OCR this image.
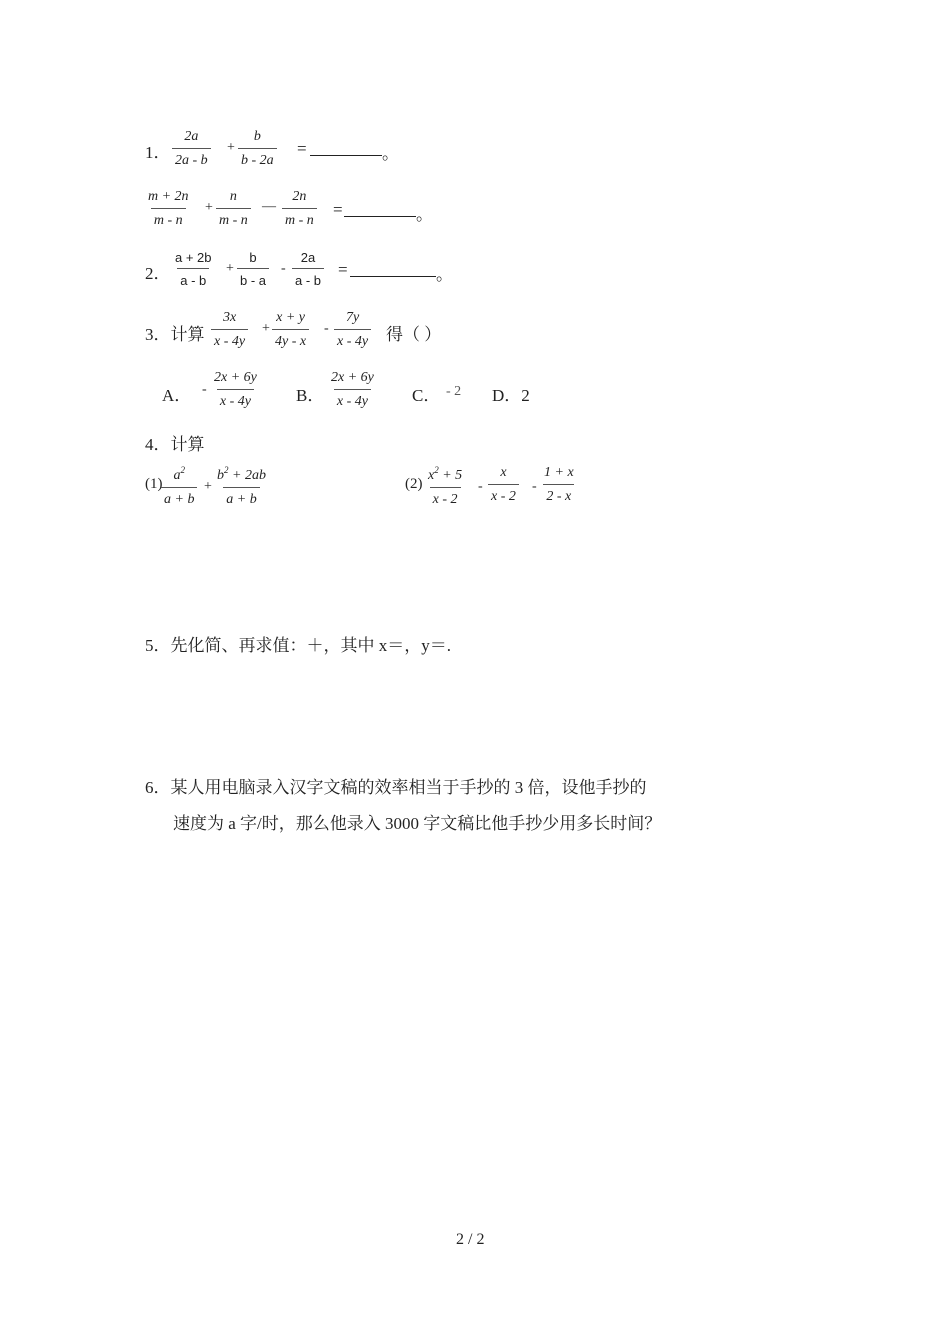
1． $\frac{2a}{2a - b} + \frac{b}{b - 2a}$ =	。
$\frac{m + 2n}{m - n} + \frac{n}{m - n}$ — $\frac{2n}{m - n}$ =	。
2． $\frac{a + 2b}{a - b} + \frac{b}{b - a} - \frac{2a}{a - b}$ =	。
3．计算 $\frac{3x}{x - 4y} + \frac{x + y}{4y - x} - \frac{7y}{x - 4y}$ 得（ ）
A． - $\frac{2x + 6y}{x - 4y}$ B． $\frac{2x + 6y}{x - 4y}$ C． - 2 D．2
4．计算
(1)
$\frac{a^2}{a + b} + \frac{b^2 + 2ab}{a + b}$	$(2) \frac{x^2 + 5}{x - 2} - \frac{x}{x - 2} - \frac{1 + x}{2 - x}$
5．先化简、再求值：＋，其中 x＝，y＝.
6．某人用电脑录入汉字文稿的效率相当于手抄的 3 倍，设他手抄的
速度为 a 字/时，那么他录入 3000 字文稿比他手抄少用多长时间？
2 / 2
